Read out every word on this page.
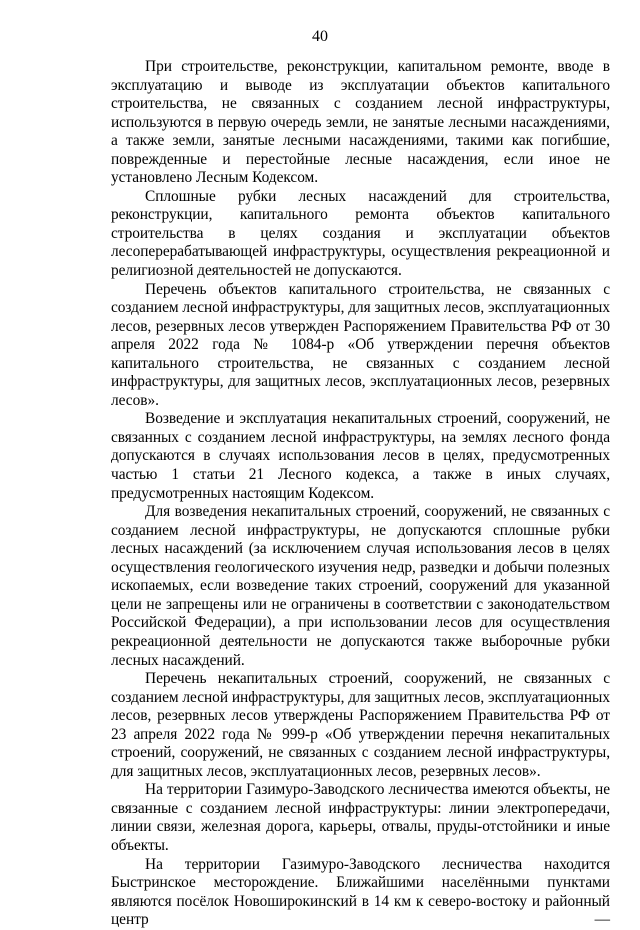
40

При строительстве, реконструкции, капитальном ремонте, вводе в эксплуатацию и выводе из эксплуатации объектов капитального строительства, не связанных с созданием лесной инфраструктуры, используются в первую очередь земли, не занятые лесными насаждениями, а также земли, занятые лесными насаждениями, такими как погибшие, поврежденные и перестойные лесные насаждения, если иное не установлено Лесным Кодексом.

Сплошные рубки лесных насаждений для строительства, реконструкции, капитального ремонта объектов капитального строительства в целях создания и эксплуатации объектов лесоперерабатывающей инфраструктуры, осуществления рекреационной и религиозной деятельностей не допускаются.

Перечень объектов капитального строительства, не связанных с созданием лесной инфраструктуры, для защитных лесов, эксплуатационных лесов, резервных лесов утвержден Распоряжением Правительства РФ от 30 апреля 2022 года № 1084-р «Об утверждении перечня объектов капитального строительства, не связанных с созданием лесной инфраструктуры, для защитных лесов, эксплуатационных лесов, резервных лесов».

Возведение и эксплуатация некапитальных строений, сооружений, не связанных с созданием лесной инфраструктуры, на землях лесного фонда допускаются в случаях использования лесов в целях, предусмотренных частью 1 статьи 21 Лесного кодекса, а также в иных случаях, предусмотренных настоящим Кодексом.

Для возведения некапитальных строений, сооружений, не связанных с созданием лесной инфраструктуры, не допускаются сплошные рубки лесных насаждений (за исключением случая использования лесов в целях осуществления геологического изучения недр, разведки и добычи полезных ископаемых, если возведение таких строений, сооружений для указанной цели не запрещены или не ограничены в соответствии с законодательством Российской Федерации), а при использовании лесов для осуществления рекреационной деятельности не допускаются также выборочные рубки лесных насаждений.

Перечень некапитальных строений, сооружений, не связанных с созданием лесной инфраструктуры, для защитных лесов, эксплуатационных лесов, резервных лесов утверждены Распоряжением Правительства РФ от 23 апреля 2022 года № 999-р «Об утверждении перечня некапитальных строений, сооружений, не связанных с созданием лесной инфраструктуры, для защитных лесов, эксплуатационных лесов, резервных лесов».

На территории Газимуро-Заводского лесничества имеются объекты, не связанные с созданием лесной инфраструктуры: линии электропередачи, линии связи, железная дорога, карьеры, отвалы, пруды-отстойники и иные объекты.

На территории Газимуро-Заводского лесничества находится Быстринское месторождение. Ближайшими населёнными пунктами являются посёлок Новоширокинский в 14 км к северо-востоку и районный центр —
